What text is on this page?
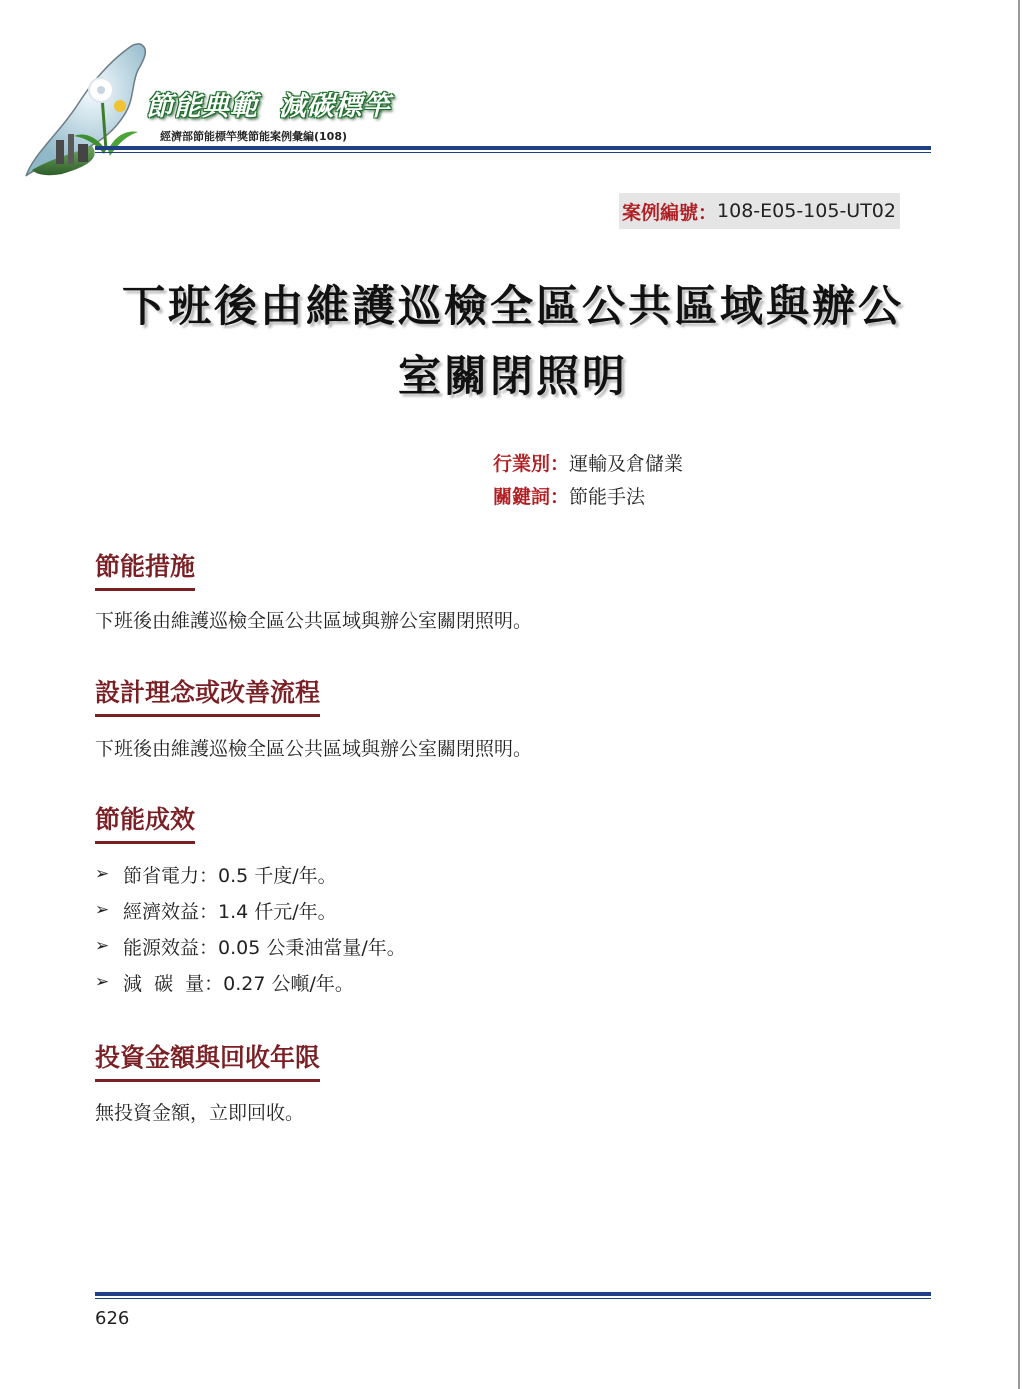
節能典範  減碳標竿
經濟部節能標竿獎節能案例彙編(108)
案例編號： 108-E05-105-UT02
下班後由維護巡檢全區公共區域與辦公
室關閉照明
行業別：運輸及倉儲業
關鍵詞：節能手法
節能措施
下班後由維護巡檢全區公共區域與辦公室關閉照明。
設計理念或改善流程
下班後由維護巡檢全區公共區域與辦公室關閉照明。
節能成效
➢ 節省電力：0.5 千度/年。
➢ 經濟效益：1.4 仟元/年。
➢ 能源效益：0.05 公秉油當量/年。
➢ 減  碳  量：0.27 公噸/年。
投資金額與回收年限
無投資金額，立即回收。
626
